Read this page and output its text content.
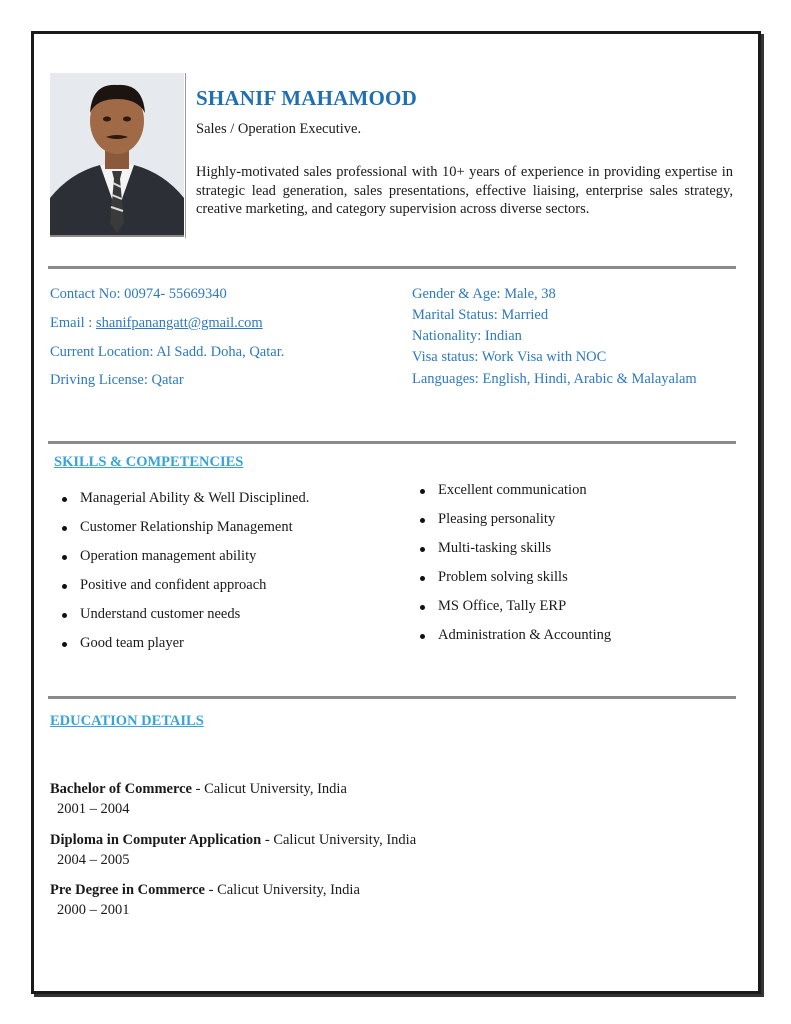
SHANIF MAHAMOOD
Sales / Operation Executive.
Highly-motivated sales professional with 10+ years of experience in providing expertise in strategic lead generation, sales presentations, effective liaising, enterprise sales strategy, creative marketing, and category supervision across diverse sectors.
Contact No: 00974- 55669340
Email : shanifpanangatt@gmail.com
Current Location: Al Sadd. Doha, Qatar.
Driving License: Qatar
Gender & Age: Male, 38
Marital Status: Married
Nationality: Indian
Visa status: Work Visa with NOC
Languages: English, Hindi, Arabic & Malayalam
SKILLS & COMPETENCIES
Managerial Ability & Well Disciplined.
Customer Relationship Management
Operation management ability
Positive and confident approach
Understand customer needs
Good team player
Excellent communication
Pleasing personality
Multi-tasking skills
Problem solving skills
MS Office, Tally ERP
Administration & Accounting
EDUCATION DETAILS
Bachelor of Commerce - Calicut University, India
2001 – 2004
Diploma in Computer Application - Calicut University, India
2004 – 2005
Pre Degree in Commerce - Calicut University, India
2000 – 2001
